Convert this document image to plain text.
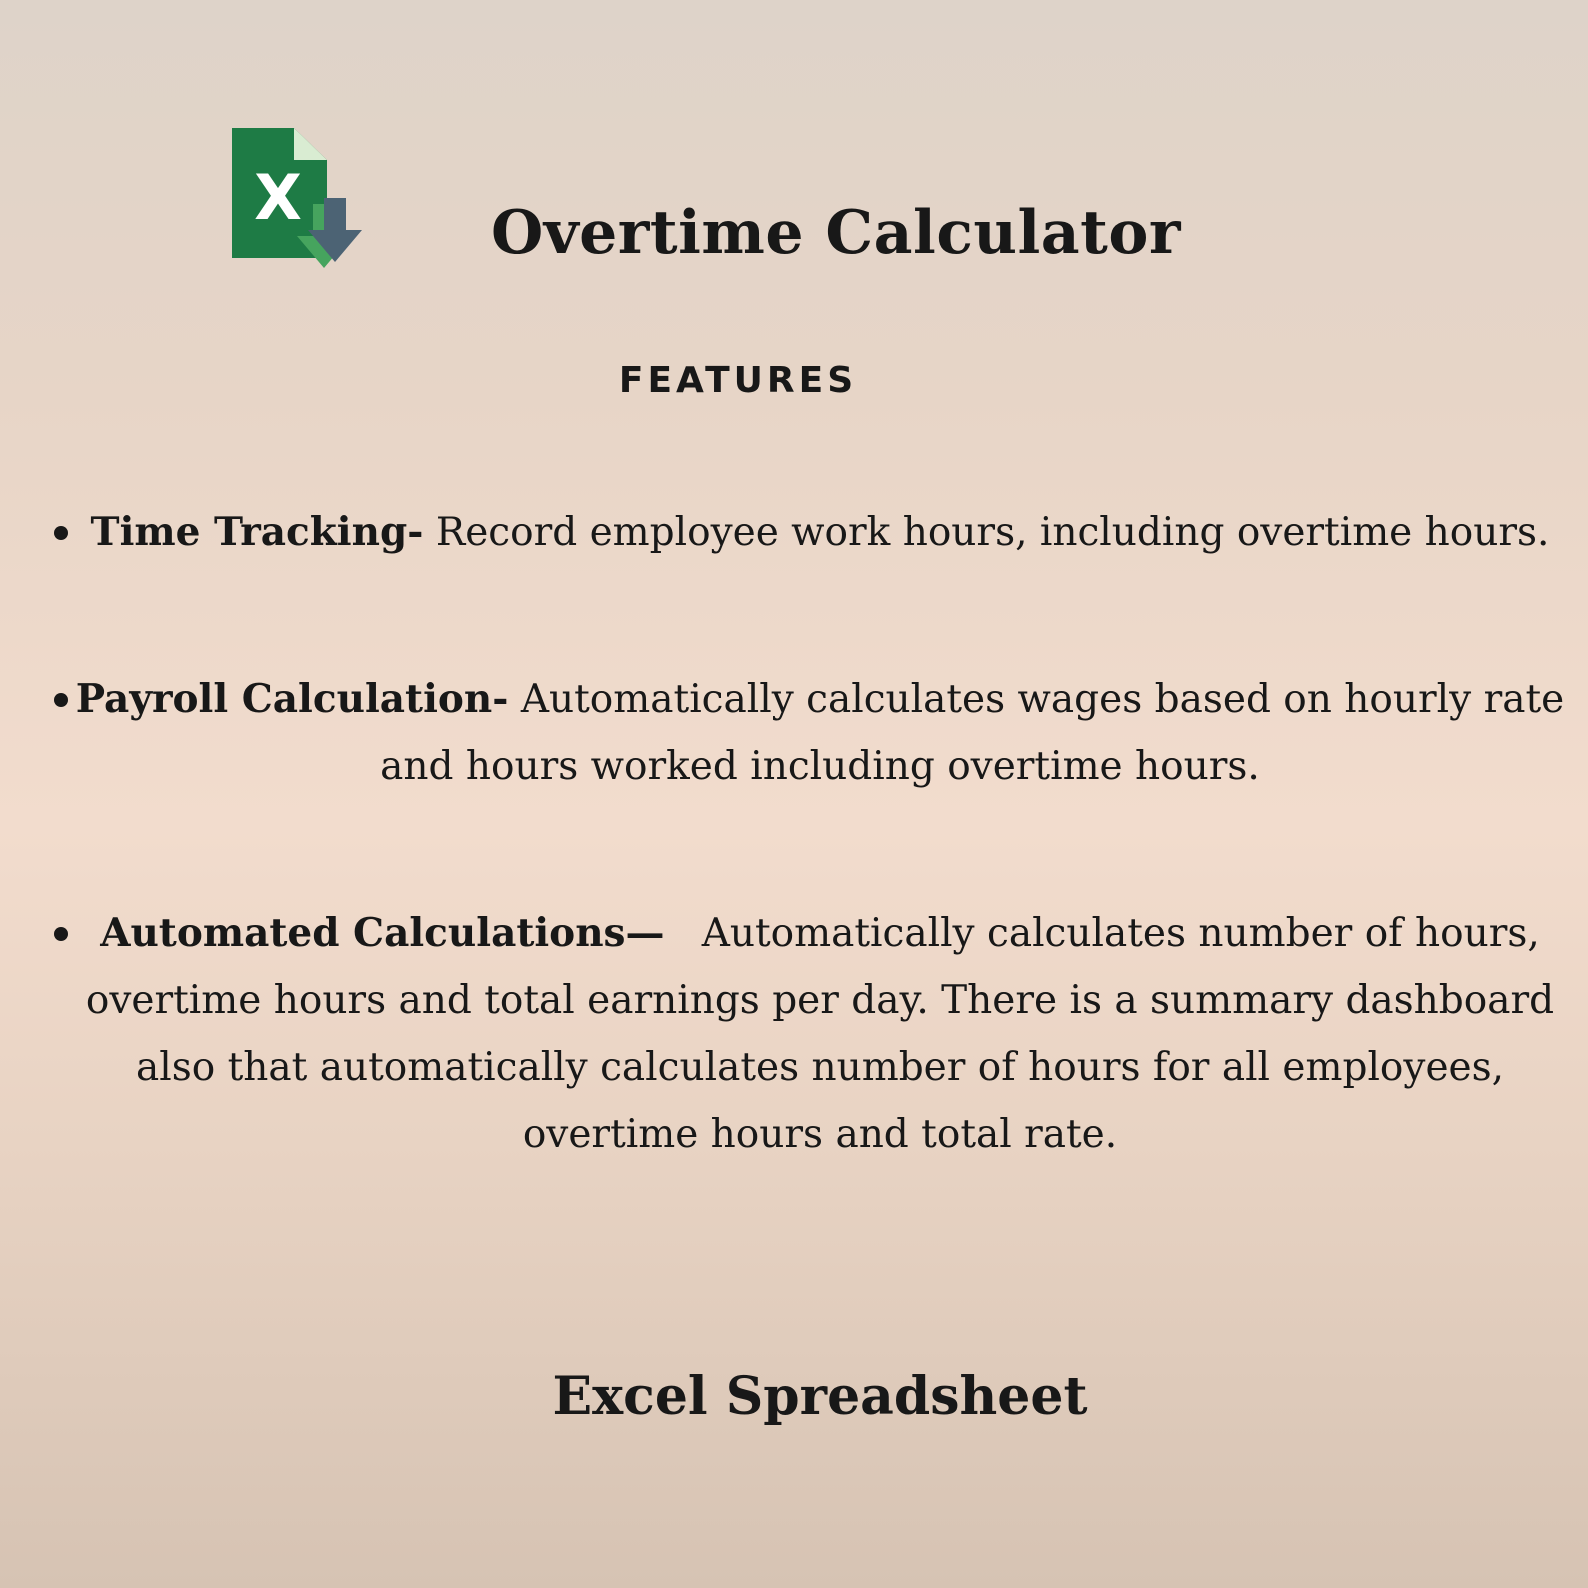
X	Overtime Calculator
FEATURES

Time Tracking- Record employee work hours, including overtime hours.

Payroll Calculation- Automatically calculates wages based on hourly rate and hours worked including overtime hours.

Automated Calculations—   Automatically calculates number of hours, overtime hours and total earnings per day. There is a summary dashboard also that automatically calculates number of hours for all employees, overtime hours and total rate.

Excel Spreadsheet
